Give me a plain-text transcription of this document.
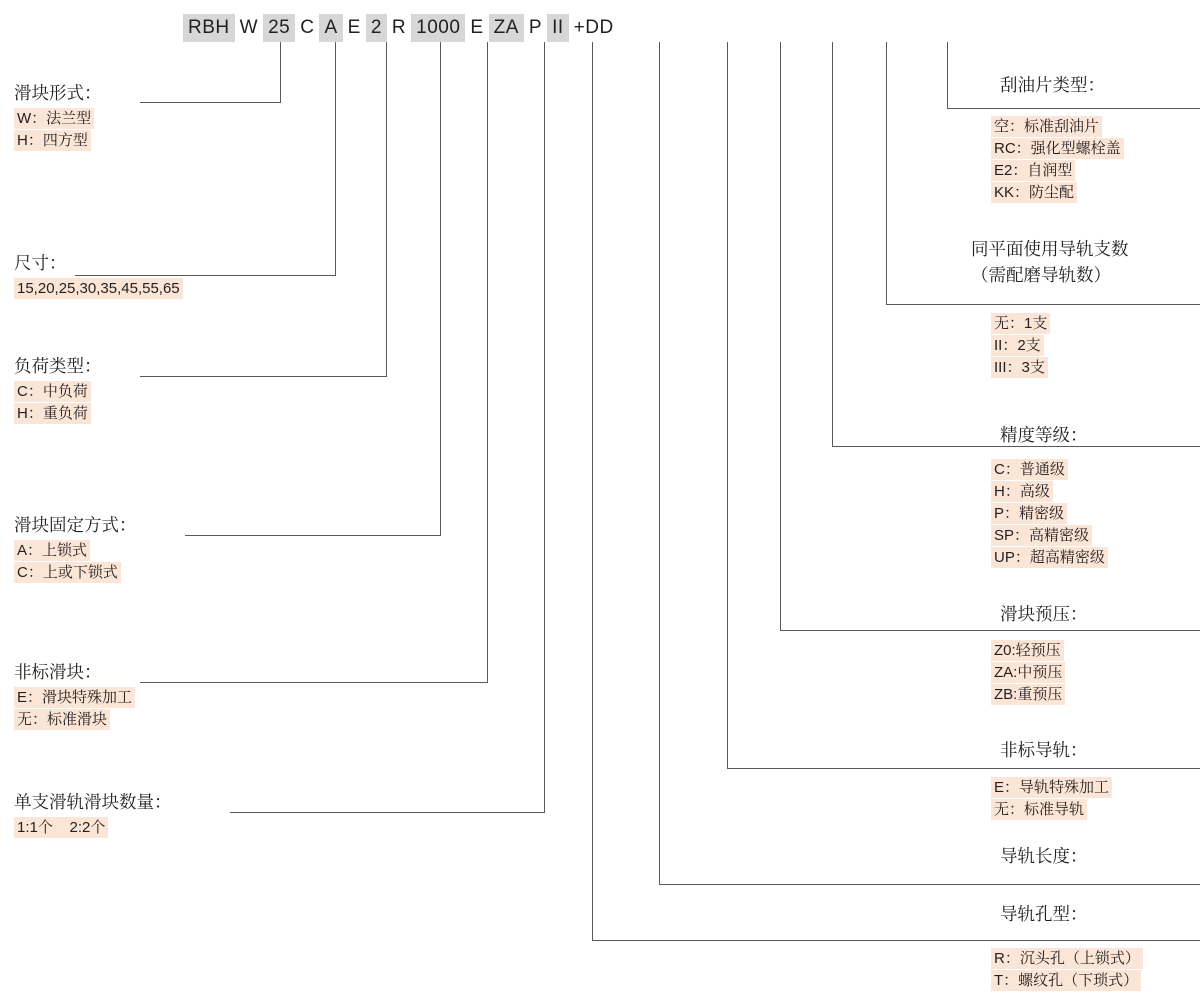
RBH W 25 C A E 2 R 1000 E ZA P II +DD
滑块形式：
W：法兰型
H：四方型
尺寸：
15,20,25,30,35,45,55,65
负荷类型：
C：中负荷
H：重负荷
滑块固定方式：
A：上锁式
C：上或下锁式
非标滑块：
E：滑块特殊加工
无：标准滑块
单支滑轨滑块数量：
1:1个    2:2个
刮油片类型：
空：标准刮油片
RC：强化型螺栓盖
E2：自润型
KK：防尘配
同平面使用导轨支数
（需配磨导轨数）
无：1支
II：2支
III：3支
精度等级：
C：普通级
H：高级
P：精密级
SP：高精密级
UP：超高精密级
滑块预压：
Z0:轻预压
ZA:中预压
ZB:重预压
非标导轨：
E：导轨特殊加工
无：标准导轨
导轨长度：
导轨孔型：
R：沉头孔（上锁式）
T：螺纹孔（下琐式）
